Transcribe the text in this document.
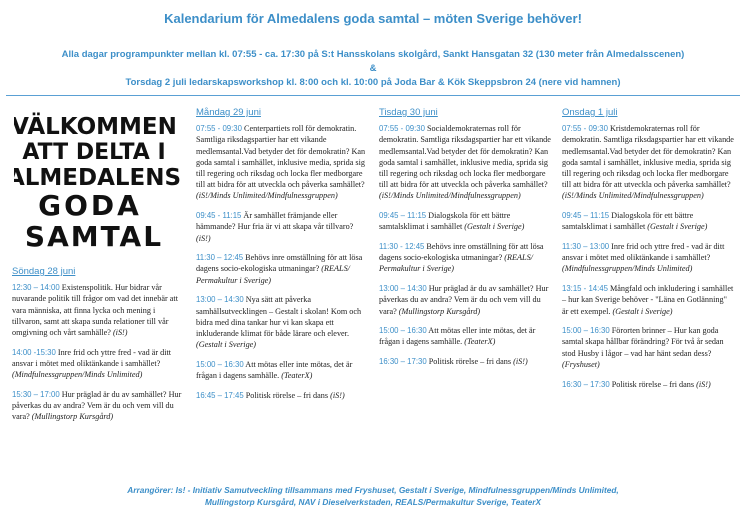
Kalendarium för Almedalens goda samtal – möten Sverige behöver!
Alla dagar programpunkter mellan kl. 07:55 - ca. 17:30 på S:t Hansskolans skolgård, Sankt Hansgatan 32 (130 meter från Almedalsscenen)
&
Torsdag 2 juli ledarskapsworkshop kl. 8:00 och kl. 10:00 på Joda Bar & Kök Skeppsbron 24 (nere vid hamnen)
VÄLKOMMEN
ATT DELTA I
ALMEDALENS
GODA
SAMTAL
Söndag 28 juni
12:30 – 14:00 Existenspolitik. Hur bidrar vår nuvarande politik till frågor om vad det innebär att vara människa, att finna lycka och mening i tillvaron, samt att skapa sunda relationer till vår omgivning och vårt samhälle? (iS!)
14:00 -15:30 Inre frid och yttre fred - vad är ditt ansvar i mötet med oliktänkande i samhället? (Mindfulnessgruppen/Minds Unlimited)
15:30 – 17:00 Hur präglad är du av samhället? Hur påverkas du av andra? Vem är du och vem vill du vara? (Mullingstorp Kursgård)
Måndag 29 juni
07:55 - 09:30 Centerpartiets roll för demokratin. Samtliga riksdagspartier har ett vikande medlemsantal.Vad betyder det för demokratin? Kan goda samtal i samhället, inklusive media, sprida sig till regering och riksdag och locka fler medborgare till att bidra för att utveckla och påverka samhället? (iS!/Minds Unlimited/Mindfulnessgruppen)
09:45 - 11:15 Är samhället främjande eller hämmande? Hur fria är vi att skapa vår tillvaro? (iS!)
11:30 – 12:45 Behövs inre omställning för att lösa dagens socio-ekologiska utmaningar? (REALS/ Permakultur i Sverige)
13:00 – 14:30 Nya sätt att påverka samhällsutvecklingen – Gestalt i skolan! Kom och bidra med dina tankar hur vi kan skapa ett inkluderande klimat för både lärare och elever. (Gestalt i Sverige)
15:00 – 16:30 Att mötas eller inte mötas, det är frågan i dagens samhälle. (TeaterX)
16:45 – 17:45 Politisk rörelse – fri dans (iS!)
Tisdag 30 juni
07:55 - 09:30 Socialdemokraternas roll för demokratin. Samtliga riksdagspartier har ett vikande medlemsantal.Vad betyder det för demokratin? Kan goda samtal i samhället, inklusive media, sprida sig till regering och riksdag och locka fler medborgare till att bidra för att utveckla och påverka samhället? (iS!/Minds Unlimited/Mindfulnessgruppen)
09:45 – 11:15 Dialogskola för ett bättre samtalsklimat i samhället (Gestalt i Sverige)
11:30 - 12:45 Behövs inre omställning för att lösa dagens socio-ekologiska utmaningar? (REALS/ Permakultur i Sverige)
13:00 – 14:30 Hur präglad är du av samhället? Hur påverkas du av andra? Vem är du och vem vill du vara? (Mullingstorp Kursgård)
15:00 – 16:30 Att mötas eller inte mötas, det är frågan i dagens samhälle. (TeaterX)
16:30 – 17:30 Politisk rörelse – fri dans (iS!)
Onsdag 1 juli
07:55 - 09:30 Kristdemokraternas roll för demokratin. Samtliga riksdagspartier har ett vikande medlemsantal.Vad betyder det för demokratin? Kan goda samtal i samhället, inklusive media, sprida sig till regering och riksdag och locka fler medborgare till att bidra för att utveckla och påverka samhället? (iS!/Minds Unlimited/Mindfulnessgruppen)
09:45 – 11:15 Dialogskola för ett bättre samtalsklimat i samhället (Gestalt i Sverige)
11:30 – 13:00 Inre frid och yttre fred - vad är ditt ansvar i mötet med oliktänkande i samhället? (Mindfulnessgruppen/Minds Unlimited)
13:15 - 14:45 Mångfald och inkludering i samhället – hur kan Sverige behöver - "Läna en Gotlänning" är ett exempel. (Gestalt i Sverige)
15:00 – 16:30 Förorten brinner – Hur kan goda samtal skapa hållbar förändring? För två år sedan stod Husby i lågor – vad har hänt sedan dess? (Fryshuset)
16:30 – 17:30 Politisk rörelse – fri dans (iS!)
Arrangörer: Is! - Initiativ Samutveckling tillsammans med Fryshuset, Gestalt i Sverige, Mindfulnessgruppen/Minds Unlimited,
Mullingstorp Kursgård, NAV i Dieselverkstaden, REALS/Permakultur Sverige, TeaterX
